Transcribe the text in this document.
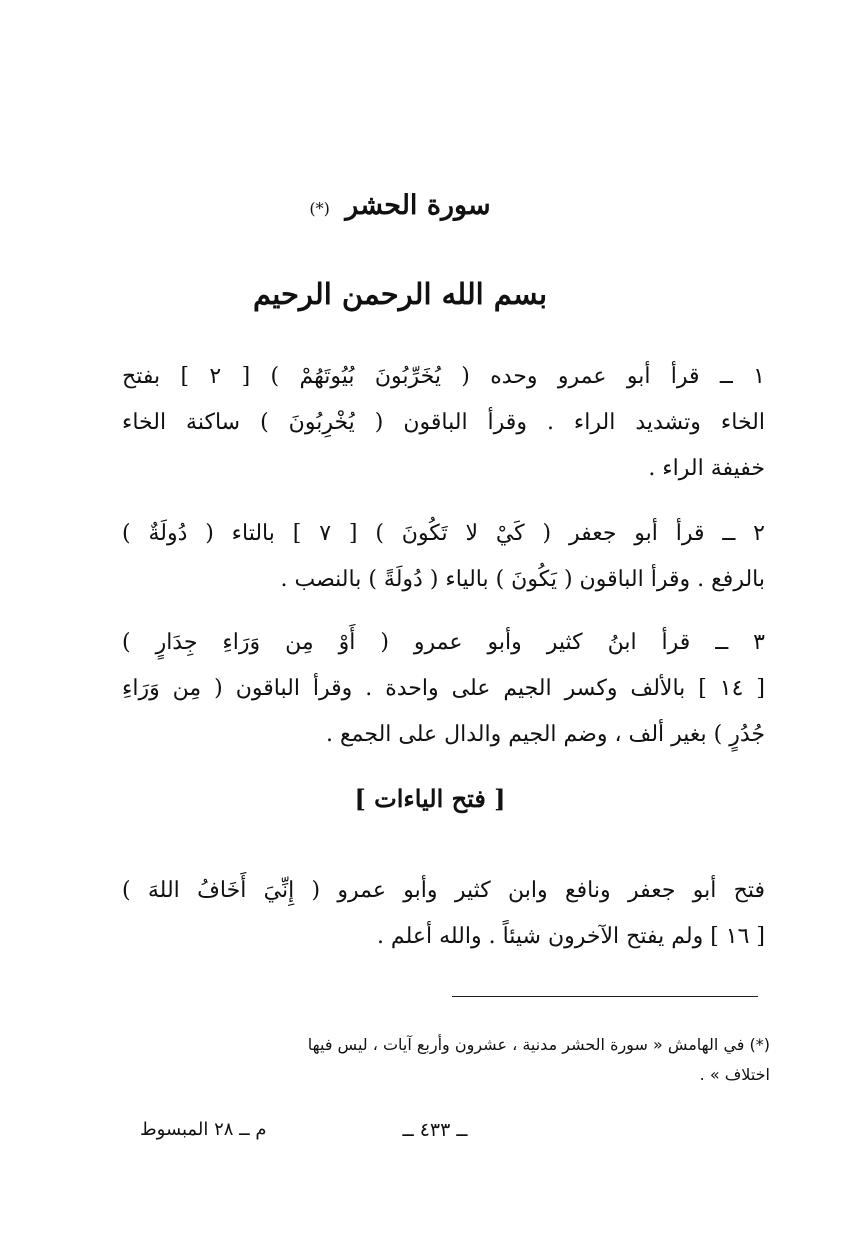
سورة الحشر (*)
بسم الله الرحمن الرحيم
١ ــ قرأ أبو عمرو وحده ( يُخَرِّبُونَ بُيُوتَهُمْ ) [ ٢ ] بفتح
الخاء وتشديد الراء . وقرأ الباقون ( يُخْرِبُونَ ) ساكنة الخاء
خفيفة الراء .
٢ ــ قرأ أبو جعفر ( كَيْ لا تَكُونَ ) [ ٧ ] بالتاء ( دُولَةٌ )
بالرفع . وقرأ الباقون ( يَكُونَ ) بالياء ( دُولَةً ) بالنصب .
٣ ــ قرأ ابنُ كثير وأبو عمرو ( أَوْ مِن وَرَاءِ جِدَارٍ )
[ ١٤ ] بالألف وكسر الجيم على واحدة . وقرأ الباقون ( مِن وَرَاءِ
جُدُرٍ ) بغير ألف ، وضم الجيم والدال على الجمع .
[ فتح الياءات ]
فتح أبو جعفر ونافع وابن كثير وأبو عمرو ( إِنِّيَ أَخَافُ اللهَ )
[ ١٦ ] ولم يفتح الآخرون شيئاً . والله أعلم .
(*) في الهامش « سورة الحشر مدنية ، عشرون وأربع آيات ، ليس فيها
اختلاف » .
ــ ٤٣٣ ــ
م ــ ٢٨ المبسوط
